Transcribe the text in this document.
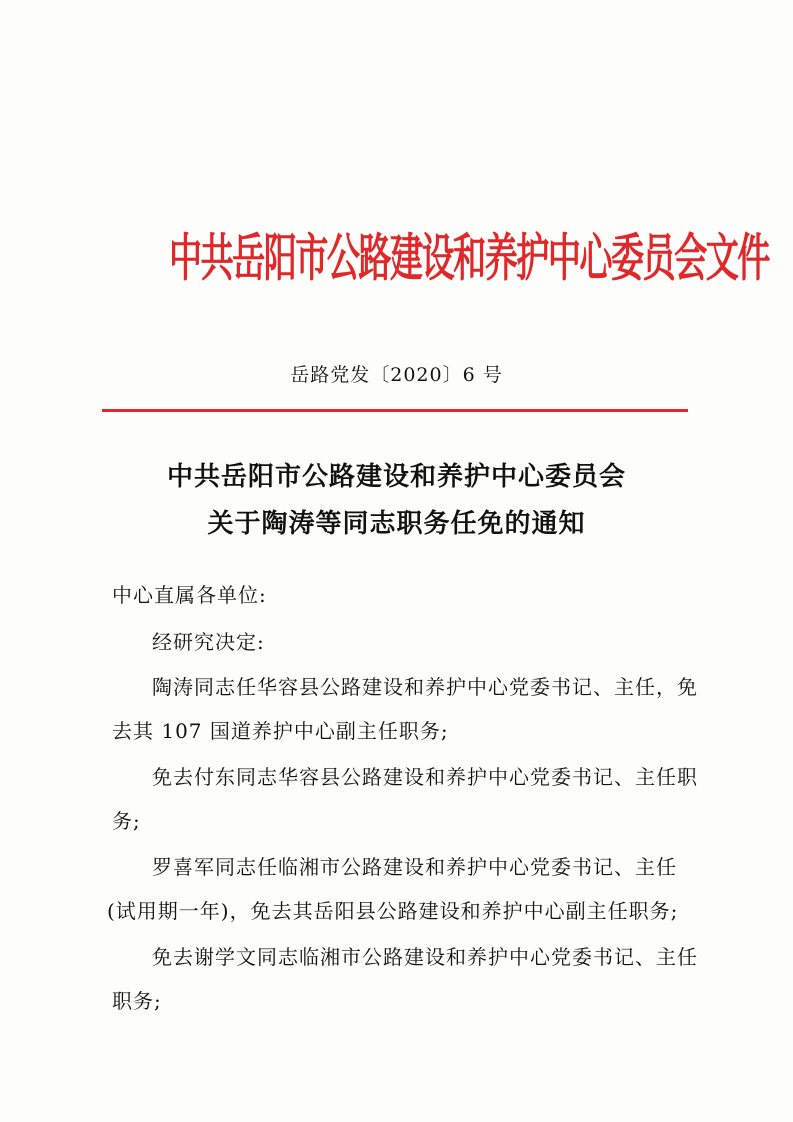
中共岳阳市公路建设和养护中心委员会文件
岳路党发〔2020〕6 号
中共岳阳市公路建设和养护中心委员会
关于陶涛等同志职务任免的通知
中心直属各单位:
经研究决定:
陶涛同志任华容县公路建设和养护中心党委书记、主任，免
去其 107 国道养护中心副主任职务;
免去付东同志华容县公路建设和养护中心党委书记、主任职
务;
罗喜军同志任临湘市公路建设和养护中心党委书记、主任
(试用期一年)，免去其岳阳县公路建设和养护中心副主任职务;
免去谢学文同志临湘市公路建设和养护中心党委书记、主任
职务;
